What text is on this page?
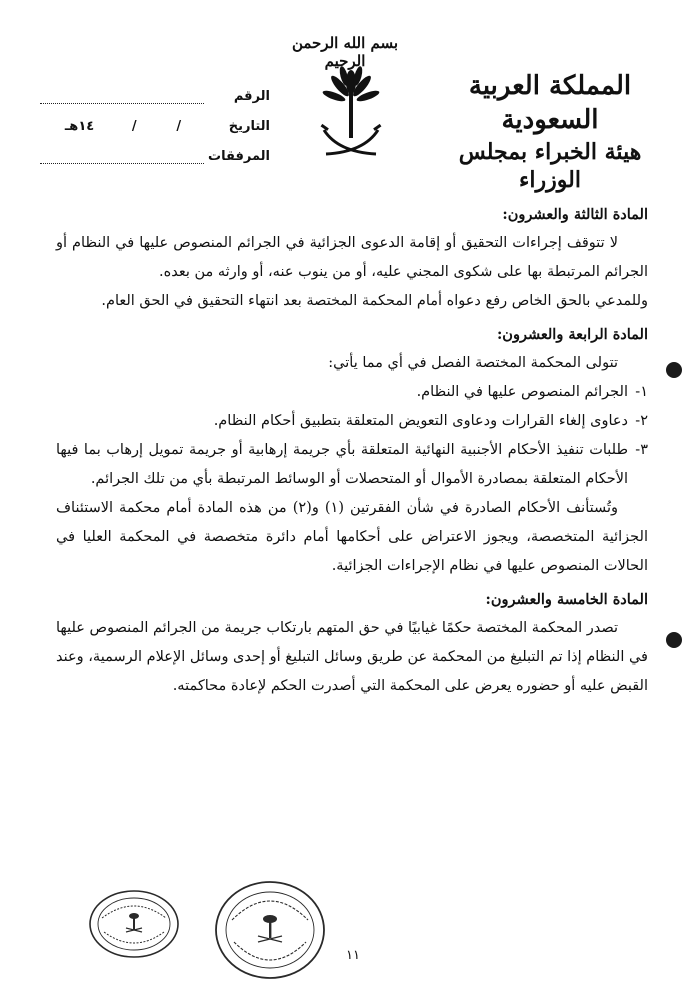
بسم الله الرحمن الرحيم
المملكة العربية السعودية
هيئة الخبراء بمجلس الوزراء
الرقم
التاريخ
/
/
١٤هـ
المرفقات

المادة الثالثة والعشرون:

لا تتوقف إجراءات التحقيق أو إقامة الدعوى الجزائية في الجرائم المنصوص عليها في النظام أو الجرائم المرتبطة بها على شكوى المجني عليه، أو من ينوب عنه، أو وارثه من بعده.

وللمدعي بالحق الخاص رفع دعواه أمام المحكمة المختصة بعد انتهاء التحقيق في الحق العام.

المادة الرابعة والعشرون:

تتولى المحكمة المختصة الفصل في أي مما يأتي:

١-
الجرائم المنصوص عليها في النظام.
٢-
دعاوى إلغاء القرارات ودعاوى التعويض المتعلقة بتطبيق أحكام النظام.
٣-
طلبات تنفيذ الأحكام الأجنبية النهائية المتعلقة بأي جريمة إرهابية أو جريمة تمويل إرهاب بما فيها الأحكام المتعلقة بمصادرة الأموال أو المتحصلات أو الوسائط المرتبطة بأي من تلك الجرائم.

وتُستأنف الأحكام الصادرة في شأن الفقرتين (١) و(٢) من هذه المادة أمام محكمة الاستئناف الجزائية المتخصصة، ويجوز الاعتراض على أحكامها أمام دائرة متخصصة في المحكمة العليا في الحالات المنصوص عليها في نظام الإجراءات الجزائية.

المادة الخامسة والعشرون:

تصدر المحكمة المختصة حكمًا غيابيًا في حق المتهم بارتكاب جريمة من الجرائم المنصوص عليها في النظام إذا تم التبليغ من المحكمة عن طريق وسائل التبليغ أو إحدى وسائل الإعلام الرسمية، وعند القبض عليه أو حضوره يعرض على المحكمة التي أصدرت الحكم لإعادة محاكمته.

١١
